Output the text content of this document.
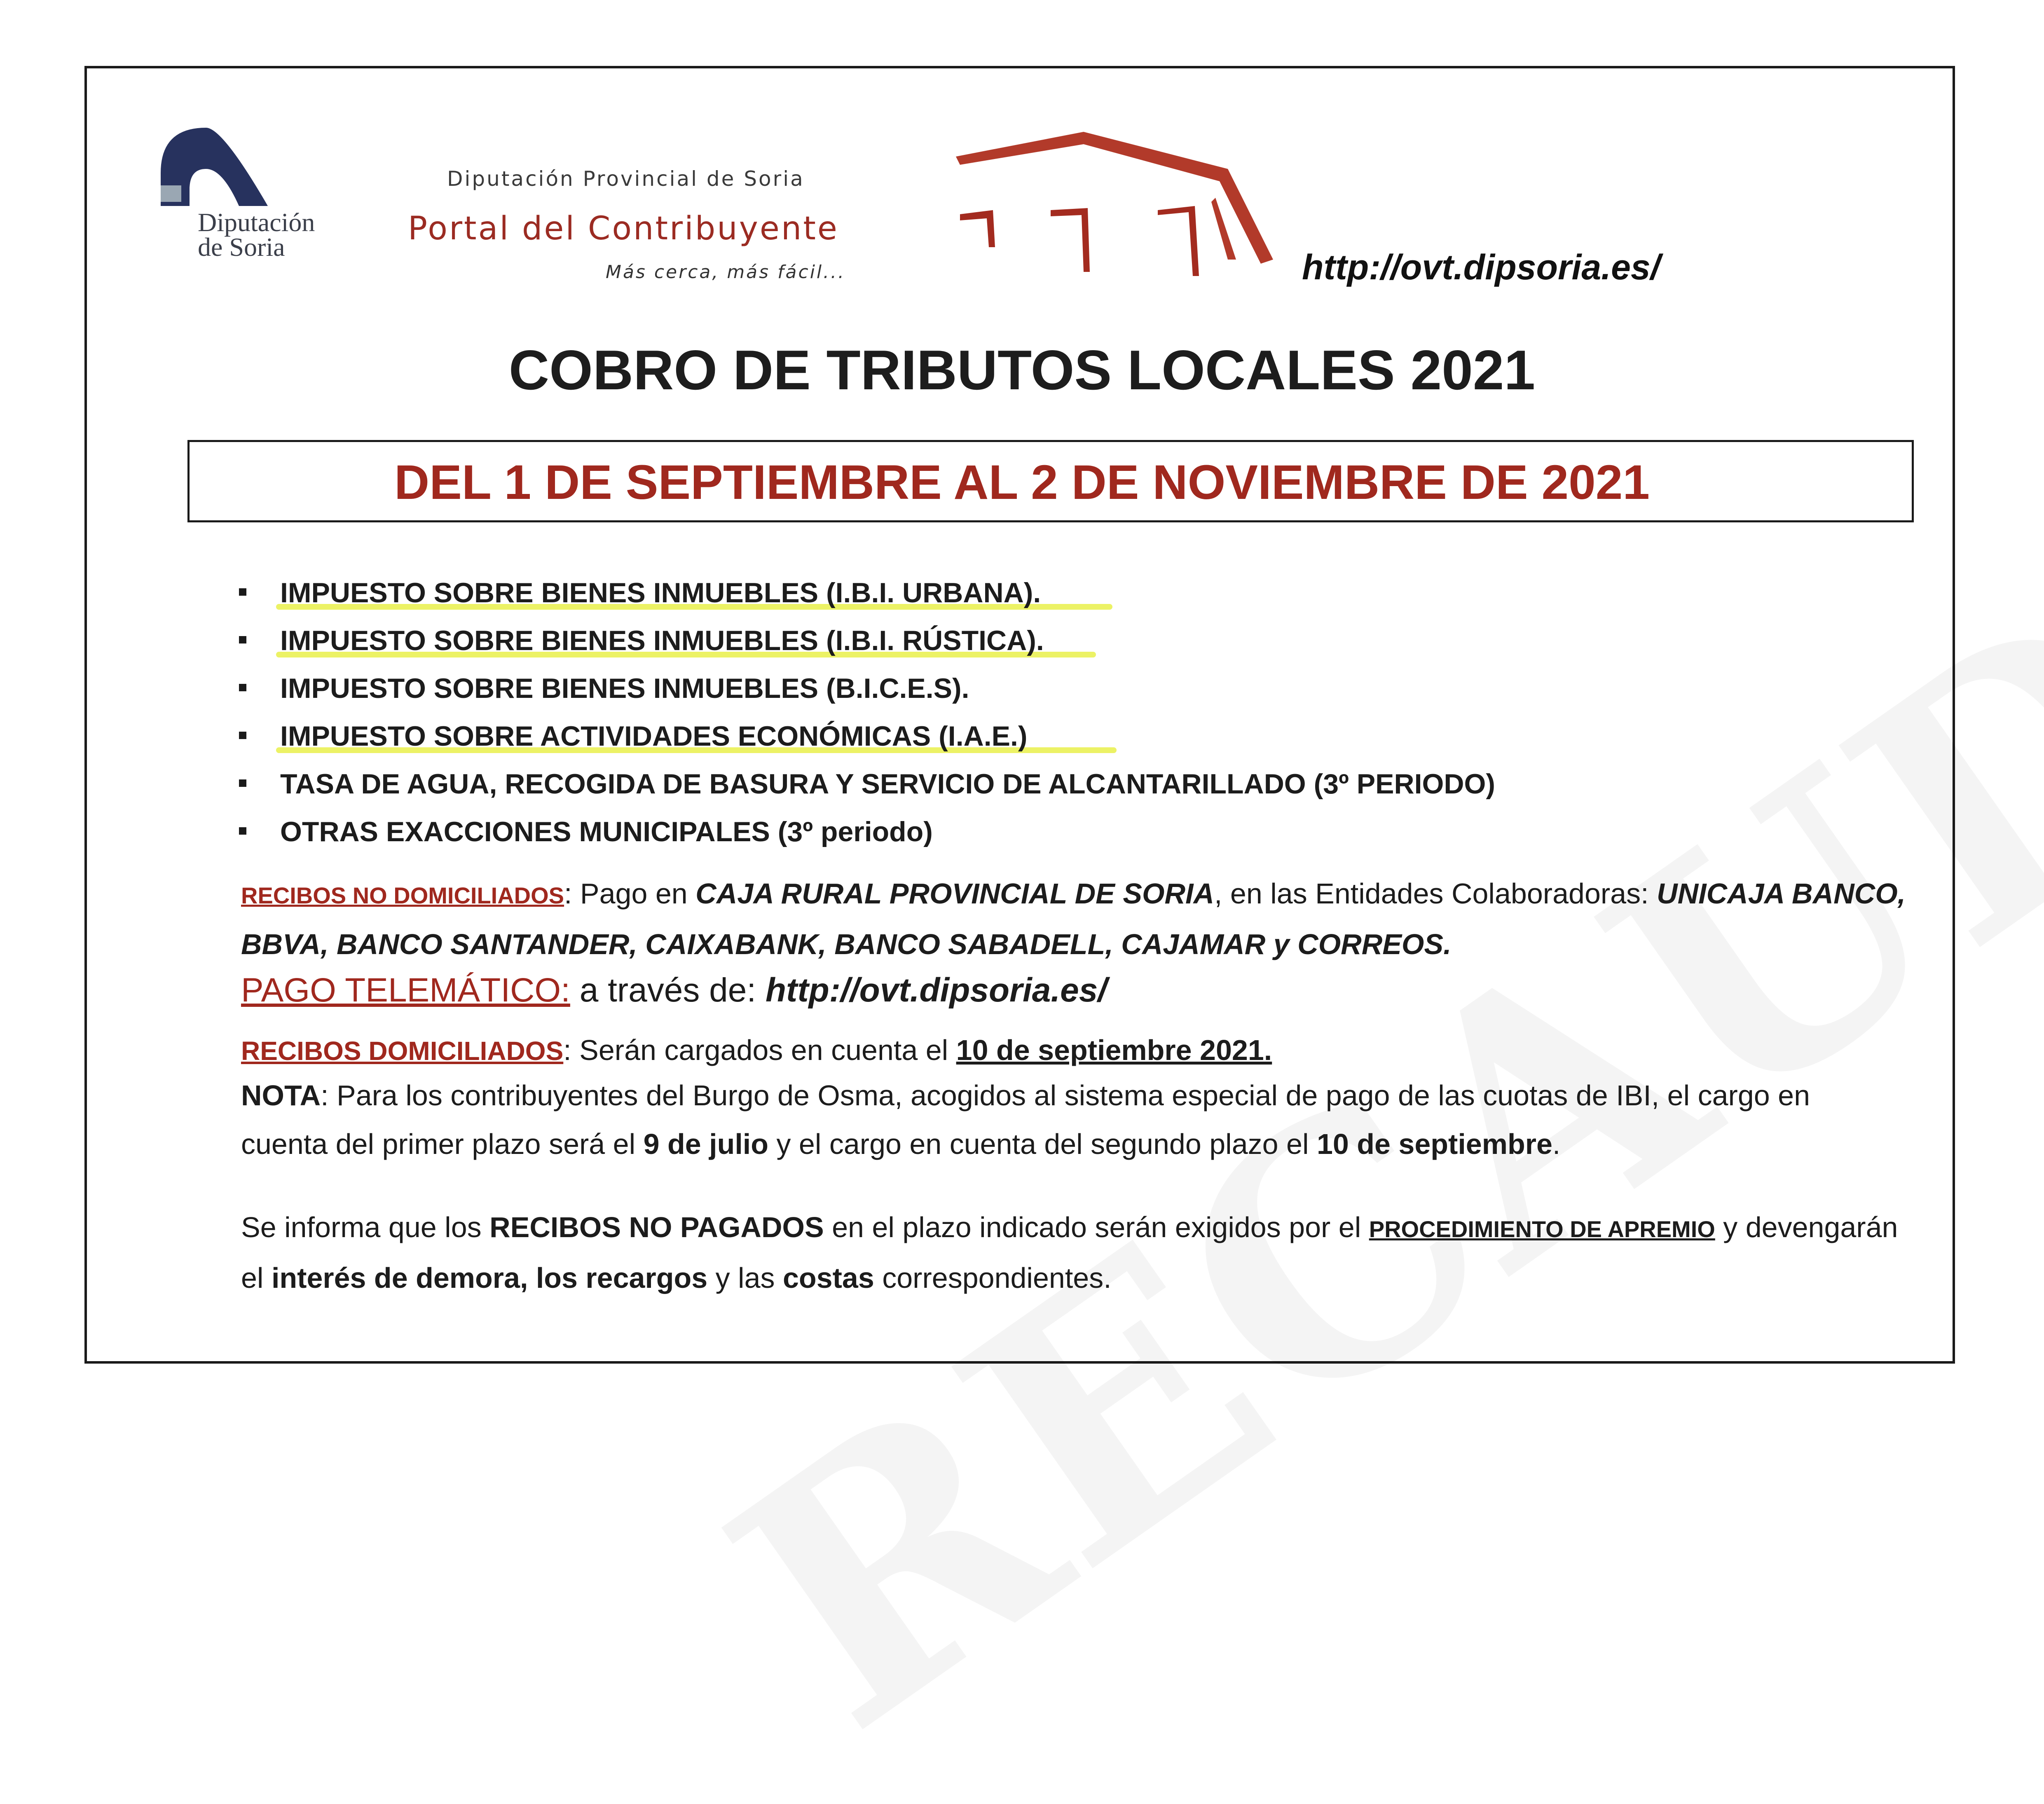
Diputación de Soria
Diputación Provincial de Soria
Portal del Contribuyente
Más cerca, más fácil...	http://ovt.dipsoria.es/
COBRO DE TRIBUTOS LOCALES 2021
DEL 1 DE SEPTIEMBRE AL 2 DE NOVIEMBRE DE 2021
IMPUESTO SOBRE BIENES INMUEBLES (I.B.I. URBANA).
IMPUESTO SOBRE BIENES INMUEBLES (I.B.I. RÚSTICA).
IMPUESTO SOBRE BIENES INMUEBLES (B.I.C.E.S).
IMPUESTO SOBRE ACTIVIDADES ECONÓMICAS (I.A.E.)
TASA DE AGUA, RECOGIDA DE BASURA Y SERVICIO DE ALCANTARILLADO (3º PERIODO)
OTRAS EXACCIONES MUNICIPALES (3º periodo)
RECIBOS NO DOMICILIADOS: Pago en CAJA RURAL PROVINCIAL DE SORIA, en las Entidades Colaboradoras: UNICAJA BANCO,
BBVA, BANCO SANTANDER, CAIXABANK, BANCO SABADELL, CAJAMAR y CORREOS.
PAGO TELEMÁTICO: a través de: http://ovt.dipsoria.es/
RECIBOS DOMICILIADOS: Serán cargados en cuenta el 10 de septiembre 2021.
NOTA: Para los contribuyentes del Burgo de Osma, acogidos al sistema especial de pago de las cuotas de IBI, el cargo en
cuenta del primer plazo será el 9 de julio y el cargo en cuenta del segundo plazo el 10 de septiembre.
Se informa que los RECIBOS NO PAGADOS en el plazo indicado serán exigidos por el PROCEDIMIENTO DE APREMIO y devengarán
el interés de demora, los recargos y las costas correspondientes.
